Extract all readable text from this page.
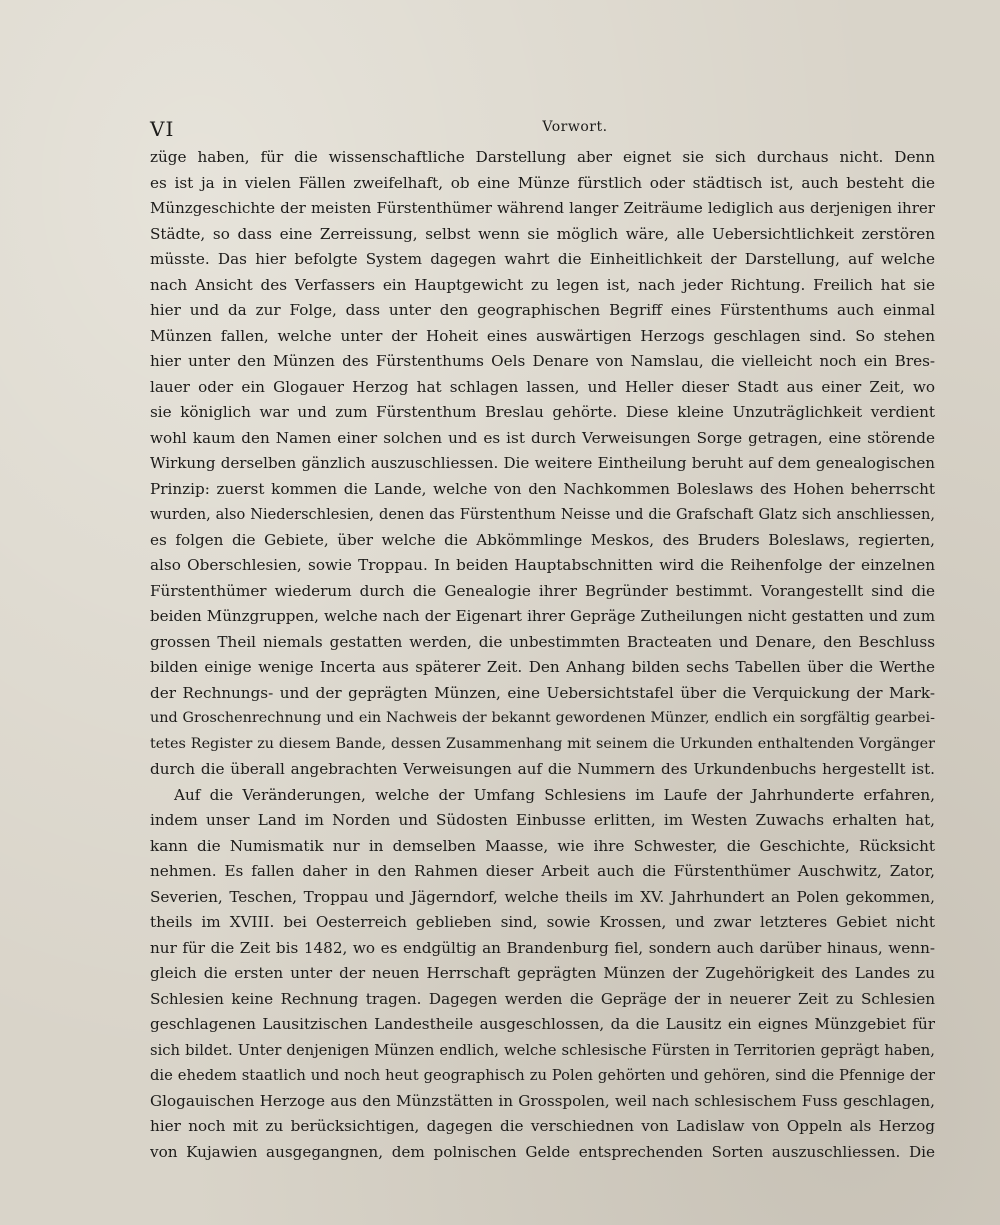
VI	Vorwort.
züge haben, für die wissenschaftliche Darstellung aber eignet sie sich durchaus nicht. Denn
es ist ja in vielen Fällen zweifelhaft, ob eine Münze fürstlich oder städtisch ist, auch besteht die
Münzgeschichte der meisten Fürstenthümer während langer Zeiträume lediglich aus derjenigen ihrer
Städte, so dass eine Zerreissung, selbst wenn sie möglich wäre, alle Uebersichtlichkeit zerstören
müsste. Das hier befolgte System dagegen wahrt die Einheitlichkeit der Darstellung, auf welche
nach Ansicht des Verfassers ein Hauptgewicht zu legen ist, nach jeder Richtung. Freilich hat sie
hier und da zur Folge, dass unter den geographischen Begriff eines Fürstenthums auch einmal
Münzen fallen, welche unter der Hoheit eines auswärtigen Herzogs geschlagen sind. So stehen
hier unter den Münzen des Fürstenthums Oels Denare von Namslau, die vielleicht noch ein Bres-
lauer oder ein Glogauer Herzog hat schlagen lassen, und Heller dieser Stadt aus einer Zeit, wo
sie königlich war und zum Fürstenthum Breslau gehörte. Diese kleine Unzuträglichkeit verdient
wohl kaum den Namen einer solchen und es ist durch Verweisungen Sorge getragen, eine störende
Wirkung derselben gänzlich auszuschliessen. Die weitere Eintheilung beruht auf dem genealogischen
Prinzip: zuerst kommen die Lande, welche von den Nachkommen Boleslaws des Hohen beherrscht
wurden, also Niederschlesien, denen das Fürstenthum Neisse und die Grafschaft Glatz sich anschliessen,
es folgen die Gebiete, über welche die Abkömmlinge Meskos, des Bruders Boleslaws, regierten,
also Oberschlesien, sowie Troppau. In beiden Hauptabschnitten wird die Reihenfolge der einzelnen
Fürstenthümer wiederum durch die Genealogie ihrer Begründer bestimmt. Vorangestellt sind die
beiden Münzgruppen, welche nach der Eigenart ihrer Gepräge Zutheilungen nicht gestatten und zum
grossen Theil niemals gestatten werden, die unbestimmten Bracteaten und Denare, den Beschluss
bilden einige wenige Incerta aus späterer Zeit. Den Anhang bilden sechs Tabellen über die Werthe
der Rechnungs- und der geprägten Münzen, eine Uebersichtstafel über die Verquickung der Mark-
und Groschenrechnung und ein Nachweis der bekannt gewordenen Münzer, endlich ein sorgfältig gearbei-
tetes Register zu diesem Bande, dessen Zusammenhang mit seinem die Urkunden enthaltenden Vorgänger
durch die überall angebrachten Verweisungen auf die Nummern des Urkundenbuchs hergestellt ist.
Auf die Veränderungen, welche der Umfang Schlesiens im Laufe der Jahrhunderte erfahren,
indem unser Land im Norden und Südosten Einbusse erlitten, im Westen Zuwachs erhalten hat,
kann die Numismatik nur in demselben Maasse, wie ihre Schwester, die Geschichte, Rücksicht
nehmen. Es fallen daher in den Rahmen dieser Arbeit auch die Fürstenthümer Auschwitz, Zator,
Severien, Teschen, Troppau und Jägerndorf, welche theils im XV. Jahrhundert an Polen gekommen,
theils im XVIII. bei Oesterreich geblieben sind, sowie Krossen, und zwar letzteres Gebiet nicht
nur für die Zeit bis 1482, wo es endgültig an Brandenburg fiel, sondern auch darüber hinaus, wenn-
gleich die ersten unter der neuen Herrschaft geprägten Münzen der Zugehörigkeit des Landes zu
Schlesien keine Rechnung tragen. Dagegen werden die Gepräge der in neuerer Zeit zu Schlesien
geschlagenen Lausitzischen Landestheile ausgeschlossen, da die Lausitz ein eignes Münzgebiet für
sich bildet. Unter denjenigen Münzen endlich, welche schlesische Fürsten in Territorien geprägt haben,
die ehedem staatlich und noch heut geographisch zu Polen gehörten und gehören, sind die Pfennige der
Glogauischen Herzoge aus den Münzstätten in Grosspolen, weil nach schlesischem Fuss geschlagen,
hier noch mit zu berücksichtigen, dagegen die verschiednen von Ladislaw von Oppeln als Herzog
von Kujawien ausgegangnen, dem polnischen Gelde entsprechenden Sorten auszuschliessen. Die
